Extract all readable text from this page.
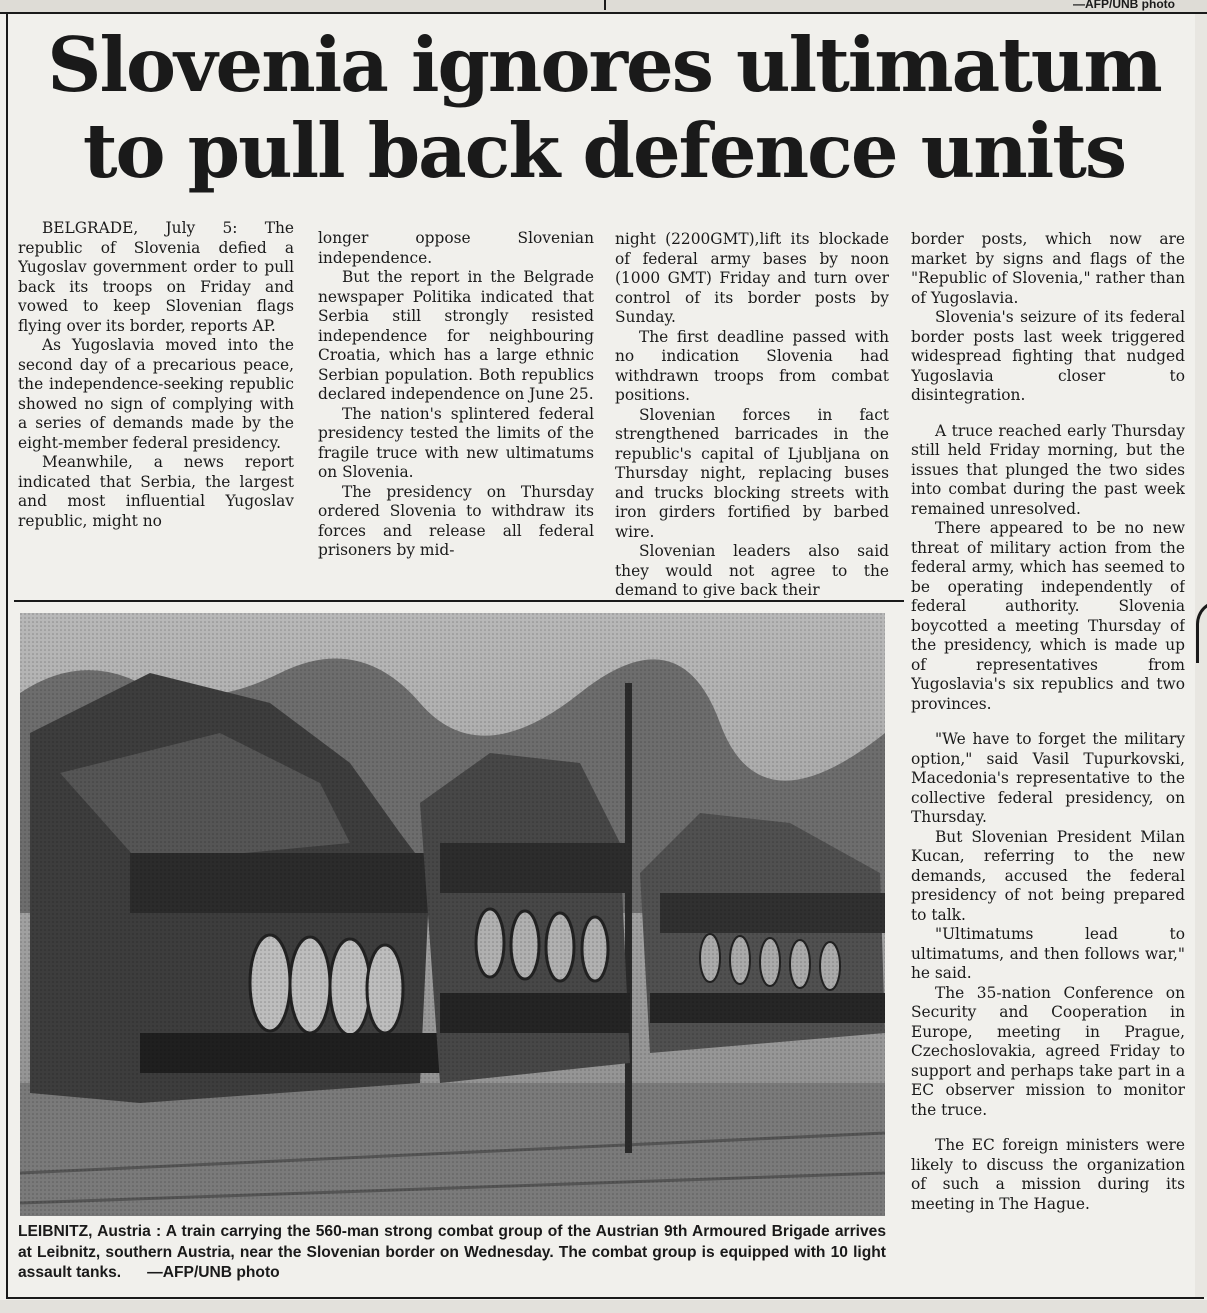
—AFP/UNB photo
Slovenia ignores ultimatum
to pull back defence units

BELGRADE, July 5: The republic of Slovenia defied a Yugoslav government order to pull back its troops on Friday and vowed to keep Slovenian flags flying over its border, reports AP.

As Yugoslavia moved into the second day of a precarious peace, the independence-seeking republic showed no sign of complying with a series of demands made by the eight-member federal presidency.

Meanwhile, a news report indicated that Serbia, the largest and most influential Yugoslav republic, might no

longer oppose Slovenian independence.

But the report in the Belgrade newspaper Politika indicated that Serbia still strongly resisted independence for neighbouring Croatia, which has a large ethnic Serbian population. Both republics declared independence on June 25.

The nation's splintered federal presidency tested the limits of the fragile truce with new ultimatums on Slovenia.

The presidency on Thursday ordered Slovenia to withdraw its forces and release all federal prisoners by mid-

night (2200GMT),lift its blockade of federal army bases by noon (1000 GMT) Friday and turn over control of its border posts by Sunday.

The first deadline passed with no indication Slovenia had withdrawn troops from combat positions.

Slovenian forces in fact strengthened barricades in the republic's capital of Ljubljana on Thursday night, replacing buses and trucks blocking streets with iron girders fortified by barbed wire.

Slovenian leaders also said they would not agree to the demand to give back their

border posts, which now are market by signs and flags of the "Republic of Slovenia," rather than of Yugoslavia.

Slovenia's seizure of its federal border posts last week triggered widespread fighting that nudged Yugoslavia closer to disintegration.

A truce reached early Thursday still held Friday morning, but the issues that plunged the two sides into combat during the past week remained unresolved.

There appeared to be no new threat of military action from the federal army, which has seemed to be operating independently of federal authority. Slovenia boycotted a meeting Thursday of the presidency, which is made up of representatives from Yugoslavia's six republics and two provinces.

"We have to forget the military option," said Vasil Tupurkovski, Macedonia's representative to the collective federal presidency, on Thursday.

But Slovenian President Milan Kucan, referring to the new demands, accused the federal presidency of not being prepared to talk.

"Ultimatums lead to ultimatums, and then follows war," he said.

The 35-nation Conference on Security and Cooperation in Europe, meeting in Prague, Czechoslovakia, agreed Friday to support and perhaps take part in a EC observer mission to monitor the truce.

The EC foreign ministers were likely to discuss the organization of such a mission during its meeting in The Hague.

LEIBNITZ, Austria : A train carrying the 560-man strong combat group of the Austrian 9th Armoured Brigade arrives at Leibnitz, southern Austria, near the Slovenian border on Wednesday. The combat group is equipped with 10 light assault tanks. —AFP/UNB photo
